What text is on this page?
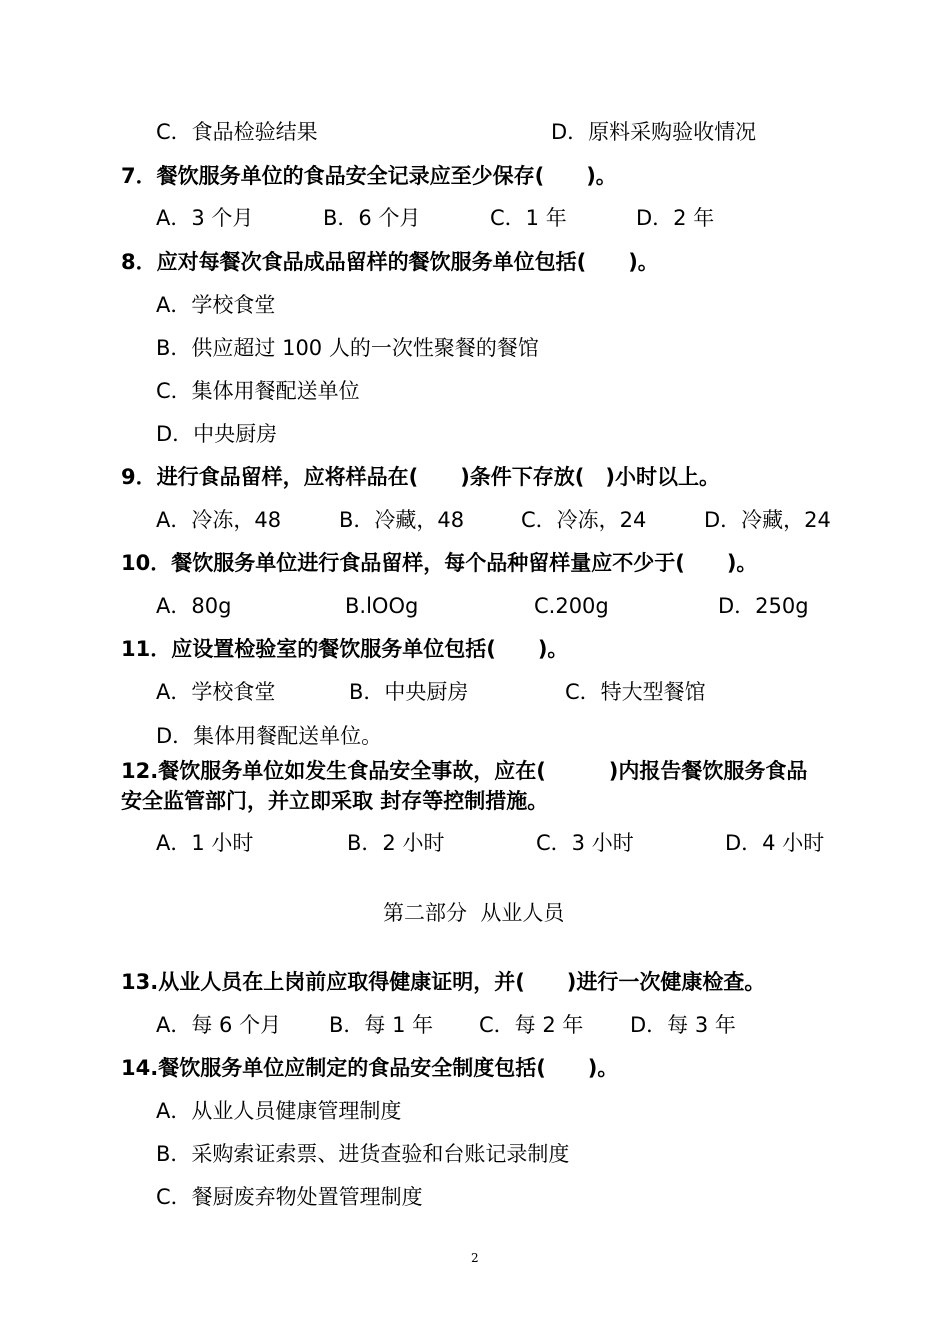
C．食品检验结果	D．原料采购验收情况
7．餐饮服务单位的食品安全记录应至少保存(　　)。
A．3 个月	B．6 个月	C．1 年	D．2 年
8．应对每餐次食品成品留样的餐饮服务单位包括(　　)。
A．学校食堂
B．供应超过 100 人的一次性聚餐的餐馆
C．集体用餐配送单位
D．中央厨房
9．进行食品留样，应将样品在(　　)条件下存放(　)小时以上。
A．冷冻，48	B．冷藏，48	C．冷冻，24	D．冷藏，24
10．餐饮服务单位进行食品留样，每个品种留样量应不少于(　　)。
A．80g	B.lOOg	C.200g	D．250g
11．应设置检验室的餐饮服务单位包括(　　)。
A．学校食堂	B．中央厨房	C．特大型餐馆
D．集体用餐配送单位。
12.餐饮服务单位如发生食品安全事故，应在(　　　)内报告餐饮服务食品
安全监管部门，并立即采取 封存等控制措施。
A．1 小时	B．2 小时	C．3 小时	D．4 小时
第二部分  从业人员
13.从业人员在上岗前应取得健康证明，并(　　)进行一次健康检查。
A．每 6 个月 B．每 1 年 C．每 2 年 D．每 3 年
14.餐饮服务单位应制定的食品安全制度包括(　　)。
A．从业人员健康管理制度
B．采购索证索票、进货查验和台账记录制度
C．餐厨废弃物处置管理制度
2
